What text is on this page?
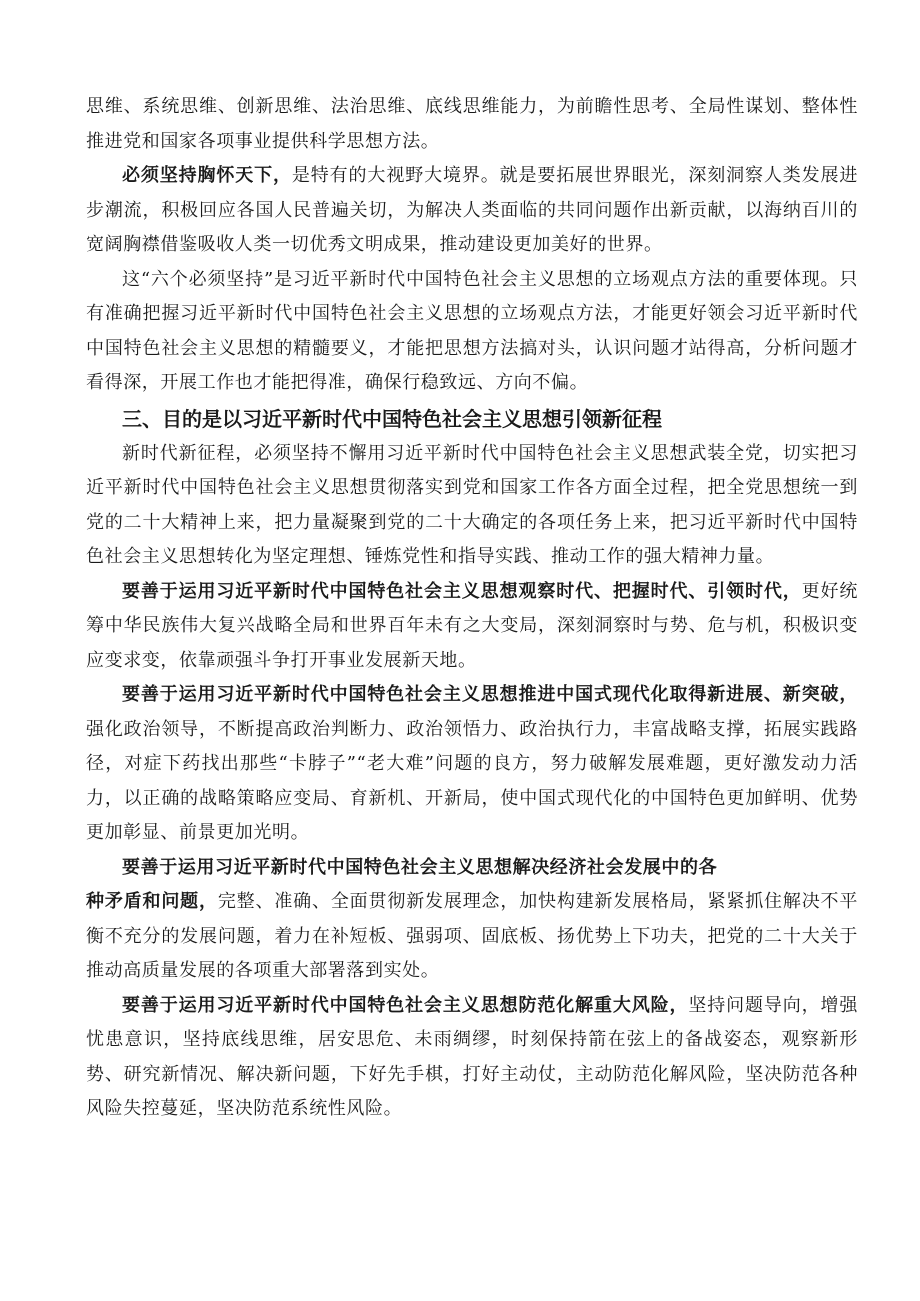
思维、系统思维、创新思维、法治思维、底线思维能力，为前瞻性思考、全局性谋划、整体性推进党和国家各项事业提供科学思想方法。

必须坚持胸怀天下，是特有的大视野大境界。就是要拓展世界眼光，深刻洞察人类发展进步潮流，积极回应各国人民普遍关切，为解决人类面临的共同问题作出新贡献，以海纳百川的宽阔胸襟借鉴吸收人类一切优秀文明成果，推动建设更加美好的世界。

这“六个必须坚持”是习近平新时代中国特色社会主义思想的立场观点方法的重要体现。只有准确把握习近平新时代中国特色社会主义思想的立场观点方法，才能更好领会习近平新时代中国特色社会主义思想的精髓要义，才能把思想方法搞对头，认识问题才站得高，分析问题才看得深，开展工作也才能把得准，确保行稳致远、方向不偏。

三、目的是以习近平新时代中国特色社会主义思想引领新征程

新时代新征程，必须坚持不懈用习近平新时代中国特色社会主义思想武装全党，切实把习近平新时代中国特色社会主义思想贯彻落实到党和国家工作各方面全过程，把全党思想统一到党的二十大精神上来，把力量凝聚到党的二十大确定的各项任务上来，把习近平新时代中国特色社会主义思想转化为坚定理想、锤炼党性和指导实践、推动工作的强大精神力量。

要善于运用习近平新时代中国特色社会主义思想观察时代、把握时代、引领时代，更好统筹中华民族伟大复兴战略全局和世界百年未有之大变局，深刻洞察时与势、危与机，积极识变应变求变，依靠顽强斗争打开事业发展新天地。

要善于运用习近平新时代中国特色社会主义思想推进中国式现代化取得新进展、新突破，强化政治领导，不断提高政治判断力、政治领悟力、政治执行力，丰富战略支撑，拓展实践路径，对症下药找出那些“卡脖子”“老大难”问题的良方，努力破解发展难题，更好激发动力活力，以正确的战略策略应变局、育新机、开新局，使中国式现代化的中国特色更加鲜明、优势更加彰显、前景更加光明。

要善于运用习近平新时代中国特色社会主义思想解决经济社会发展中的各

种矛盾和问题，完整、准确、全面贯彻新发展理念，加快构建新发展格局，紧紧抓住解决不平衡不充分的发展问题，着力在补短板、强弱项、固底板、扬优势上下功夫，把党的二十大关于推动高质量发展的各项重大部署落到实处。

要善于运用习近平新时代中国特色社会主义思想防范化解重大风险，坚持问题导向，增强忧患意识，坚持底线思维，居安思危、未雨绸缪，时刻保持箭在弦上的备战姿态，观察新形势、研究新情况、解决新问题，下好先手棋，打好主动仗，主动防范化解风险，坚决防范各种风险失控蔓延，坚决防范系统性风险。
